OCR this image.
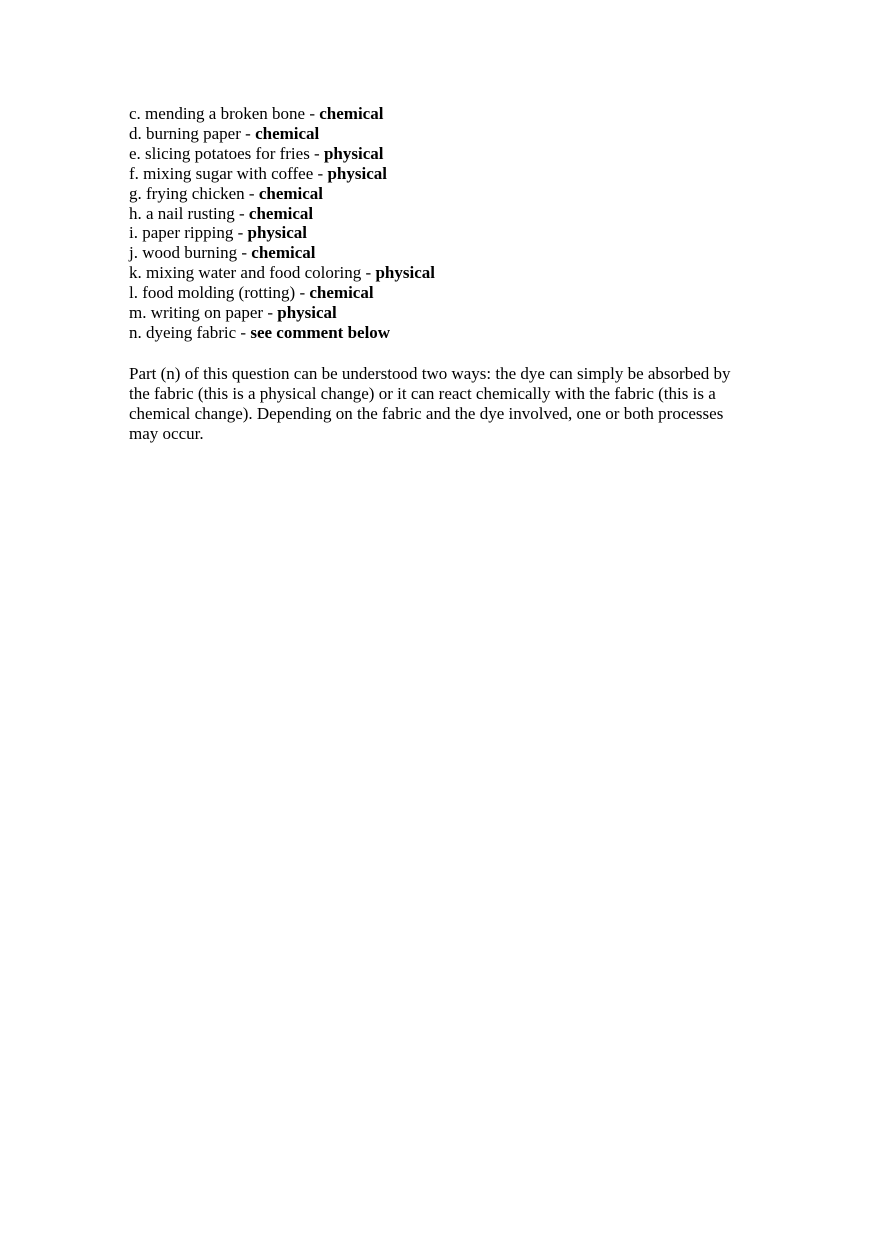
c. mending a broken bone - chemical
d. burning paper - chemical
e. slicing potatoes for fries - physical
f. mixing sugar with coffee - physical
g. frying chicken - chemical
h. a nail rusting - chemical
i. paper ripping - physical
j. wood burning - chemical
k. mixing water and food coloring - physical
l. food molding (rotting) - chemical
m. writing on paper - physical
n. dyeing fabric - see comment below

Part (n) of this question can be understood two ways: the dye can simply be absorbed by the fabric (this is a physical change) or it can react chemically with the fabric (this is a chemical change). Depending on the fabric and the dye involved, one or both processes may occur.
